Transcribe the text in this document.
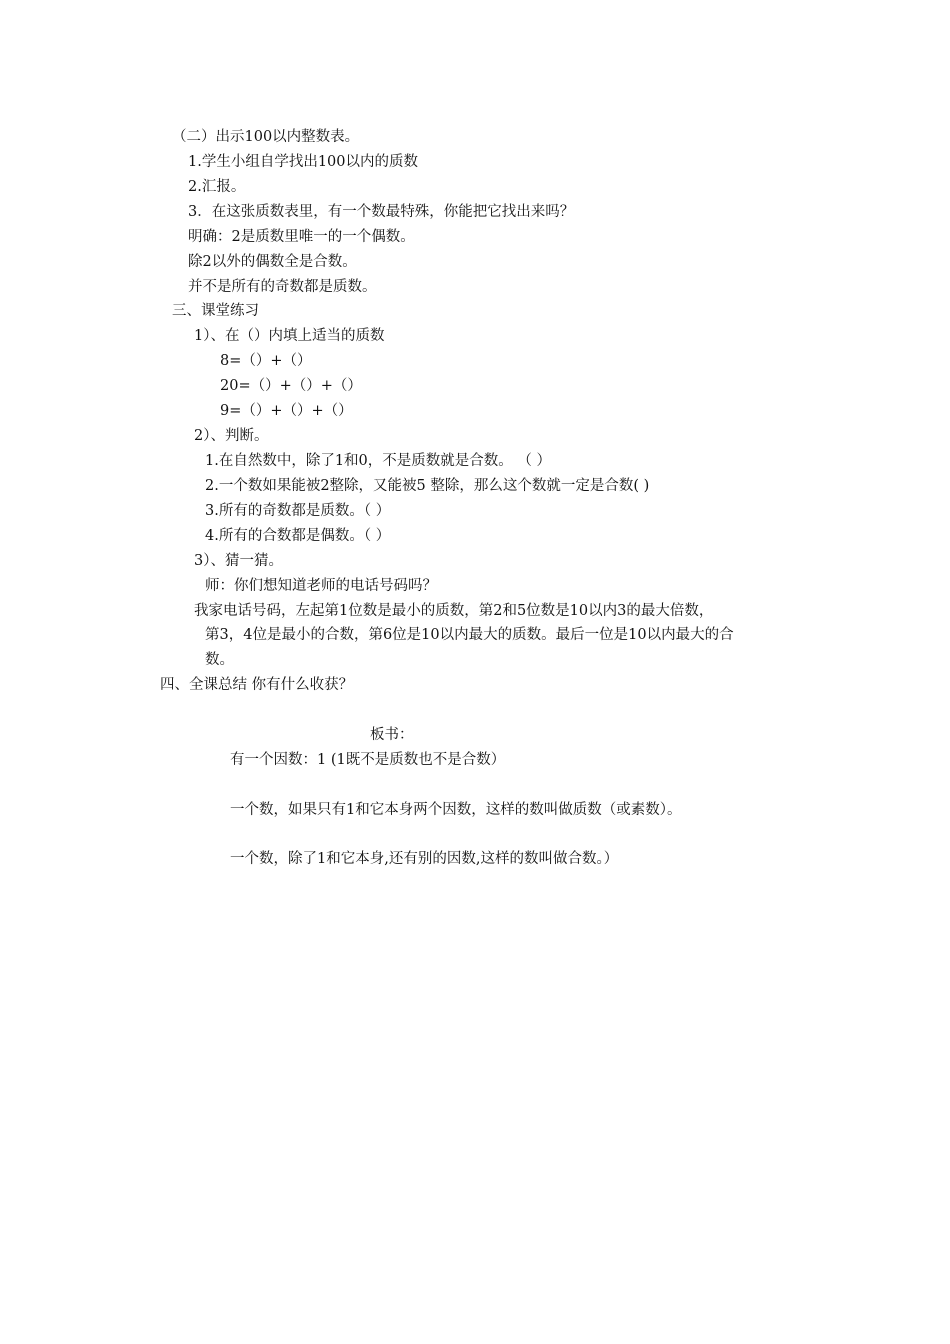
（二）出示100以内整数表。
1.学生小组自学找出100以内的质数
2.汇报。
3．在这张质数表里，有一个数最特殊，你能把它找出来吗？
明确：2是质数里唯一的一个偶数。
除2以外的偶数全是合数。
并不是所有的奇数都是质数。
三、课堂练习
1）、在（）内填上适当的质数
8=（）+（）
20=（）+（）+（）
9=（）+（）+（）
2）、判断。
1.在自然数中，除了1和0，不是质数就是合数。 （ ）
2.一个数如果能被2整除，又能被5 整除，那么这个数就一定是合数( )
3.所有的奇数都是质数。（ ）
4.所有的合数都是偶数。（ ）
3）、猜一猜。
师：你们想知道老师的电话号码吗？
我家电话号码，左起第1位数是最小的质数，第2和5位数是10以内3的最大倍数，
第3，4位是最小的合数，第6位是10以内最大的质数。最后一位是10以内最大的合
数。
四、全课总结 你有什么收获？
板书：
有一个因数：1 (1既不是质数也不是合数）
一个数，如果只有1和它本身两个因数，这样的数叫做质数（或素数）。
一个数，除了1和它本身,还有别的因数,这样的数叫做合数。）
